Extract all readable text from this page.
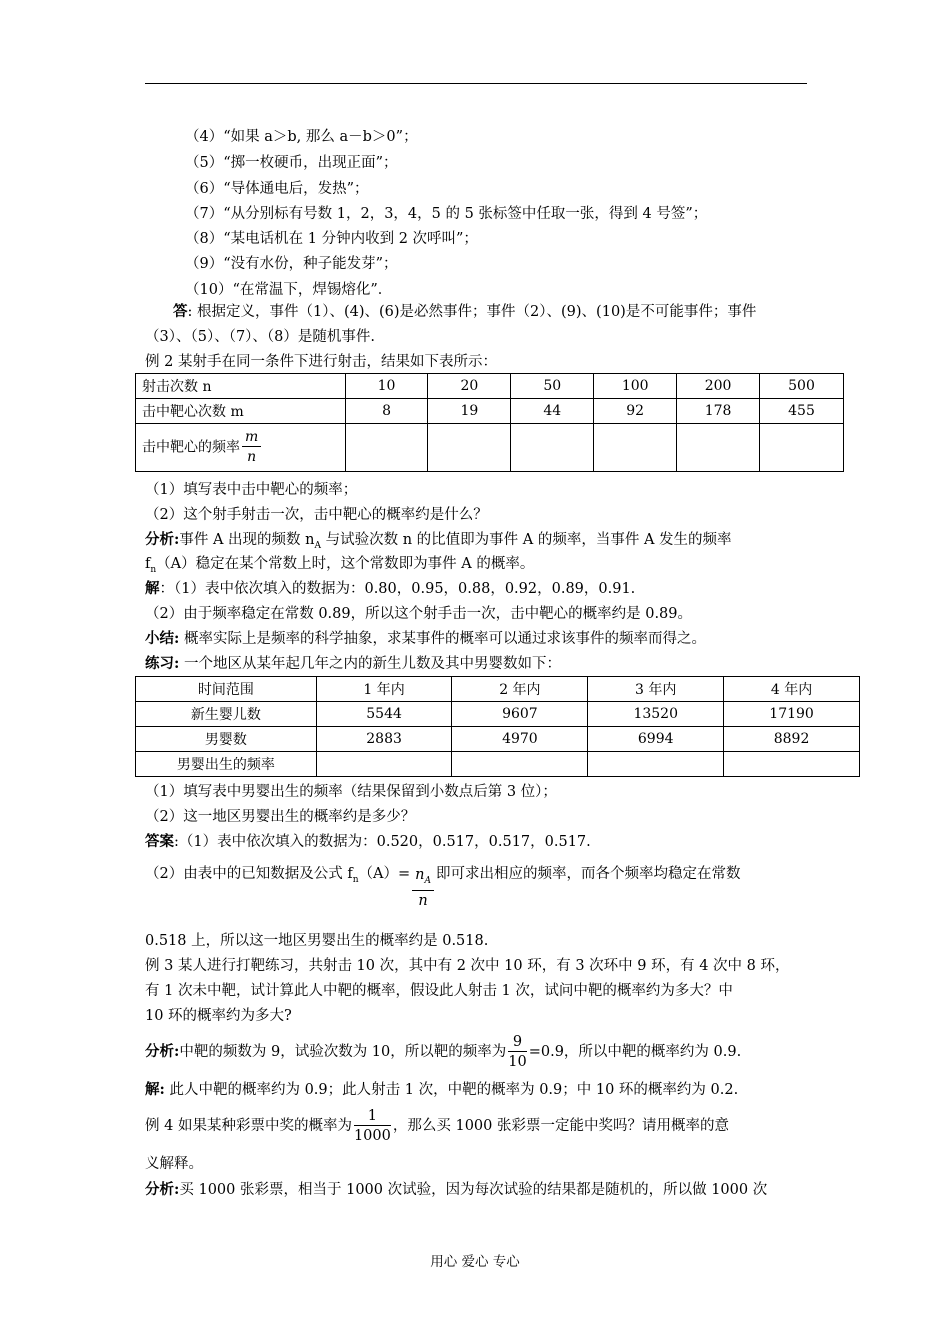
（4）“如果 a＞b, 那么 a－b＞0”；
（5）“掷一枚硬币，出现正面”；
（6）“导体通电后，发热”；
（7）“从分别标有号数 1，2，3，4，5 的 5 张标签中任取一张，得到 4 号签”；
（8）“某电话机在 1 分钟内收到 2 次呼叫”；
（9）“没有水份，种子能发芽”；
（10）“在常温下，焊锡熔化”．
答: 根据定义，事件（1）、(4)、(6)是必然事件；事件（2）、(9)、(10)是不可能事件；事件
（3）、（5）、（7）、（8）是随机事件.
例 2 某射手在同一条件下进行射击，结果如下表所示：
射击次数 n	10	20	50	100	200	500
击中靶心次数 m	8	19	44	92	178	455
击中靶心的频率 $\frac{m}{n}$

（1）填写表中击中靶心的频率；
（2）这个射手射击一次，击中靶心的概率约是什么？
分析:事件 A 出现的频数 $n_A$ 与试验次数 n 的比值即为事件 A 的频率，当事件 A 发生的频率
$f_n(A)$稳定在某个常数上时，这个常数即为事件 A 的概率。
解：（1）表中依次填入的数据为：0.80，0.95，0.88，0.92，0.89，0.91.
（2）由于频率稳定在常数 0.89，所以这个射手击一次，击中靶心的概率约是 0.89。
小结: 概率实际上是频率的科学抽象，求某事件的概率可以通过求该事件的频率而得之。
练习: 一个地区从某年起几年之内的新生儿数及其中男婴数如下：
时间范围	1 年内	2 年内	3 年内	4 年内
新生婴儿数	5544	9607	13520	17190
男婴数	2883	4970	6994	8892
男婴出生的频率				
（1）填写表中男婴出生的频率（结果保留到小数点后第 3 位）；
（2）这一地区男婴出生的概率约是多少？
答案:（1）表中依次填入的数据为：0.520，0.517，0.517，0.517.
（2）由表中的已知数据及公式 $f_n(A)= \frac{n_A}{n}$ 即可求出相应的频率，而各个频率均稳定在常数
0.518 上，所以这一地区男婴出生的概率约是 0.518.
例 3 某人进行打靶练习，共射击 10 次，其中有 2 次中 10 环，有 3 次环中 9 环，有 4 次中 8 环，
有 1 次未中靶，试计算此人中靶的概率，假设此人射击 1 次，试问中靶的概率约为多大？中
10 环的概率约为多大?
分析:中靶的频数为 9，试验次数为 10，所以靶的频率为 $\frac{9}{10} =0.9$，所以中靶的概率约为 0.9.
解: 此人中靶的概率约为 0.9；此人射击 1 次，中靶的概率为 0.9；中 10 环的概率约为 0.2.
例 4 如果某种彩票中奖的概率为 $\frac{1}{1000}$ ，那么买 1000 张彩票一定能中奖吗？请用概率的意
义解释。
分析:买 1000 张彩票，相当于 1000 次试验，因为每次试验的结果都是随机的，所以做 1000 次
用心 爱心 专心
